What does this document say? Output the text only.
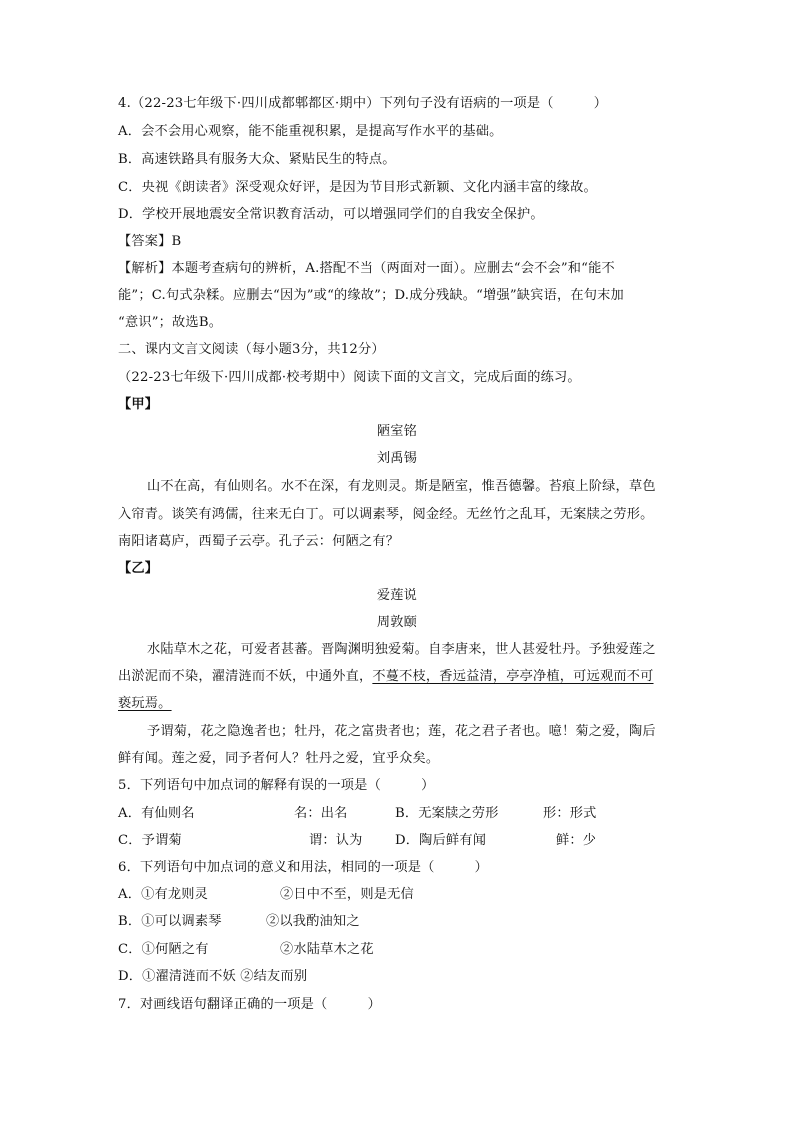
4.（22-23七年级下·四川成都郫都区·期中）下列句子没有语病的一项是（　　　）
A．会不会用心观察，能不能重视积累，是提高写作水平的基础。
B．高速铁路具有服务大众、紧贴民生的特点。
C．央视《朗读者》深受观众好评，是因为节目形式新颖、文化内涵丰富的缘故。
D．学校开展地震安全常识教育活动，可以增强同学们的自我安全保护。
【答案】B
【解析】本题考查病句的辨析，A.搭配不当（两面对一面）。应删去“会不会”和“能不
能”；C.句式杂糅。应删去“因为”或“的缘故”；D.成分残缺。“增强”缺宾语，在句末加
“意识”；故选B。
二、课内文言文阅读（每小题3分，共12分）
（22-23七年级下·四川成都·校考期中）阅读下面的文言文，完成后面的练习。
【甲】
陋室铭
刘禹锡
山不在高，有仙则名。水不在深，有龙则灵。斯是陋室，惟吾德馨。苔痕上阶绿，草色
入帘青。谈笑有鸿儒，往来无白丁。可以调素琴，阅金经。无丝竹之乱耳，无案牍之劳形。
南阳诸葛庐，西蜀子云亭。孔子云：何陋之有？
【乙】
爱莲说
周敦颐
水陆草木之花，可爱者甚蕃。晋陶渊明独爱菊。自李唐来，世人甚爱牡丹。予独爱莲之
出淤泥而不染，濯清涟而不妖，中通外直，不蔓不枝，香远益清，亭亭净植，可远观而不可
亵玩焉。
予谓菊，花之隐逸者也；牡丹，花之富贵者也；莲，花之君子者也。噫！菊之爱，陶后
鲜有闻。莲之爱，同予者何人？牡丹之爱，宜乎众矣。
5．下列语句中加点词的解释有误的一项是（　　　）
A．有仙则名	名：出名	B．无案牍之劳形	形：形式
C．予谓菊	谓：认为 D．陶后鲜有闻	鲜：少
6．下列语句中加点词的意义和用法，相同的一项是（　　　）
A．①有龙则灵	②日中不至，则是无信
B．①可以调素琴	②以我酌油知之
C．①何陋之有	②水陆草木之花
D．①濯清涟而不妖 ②结友而别
7．对画线语句翻译正确的一项是（　　　）
